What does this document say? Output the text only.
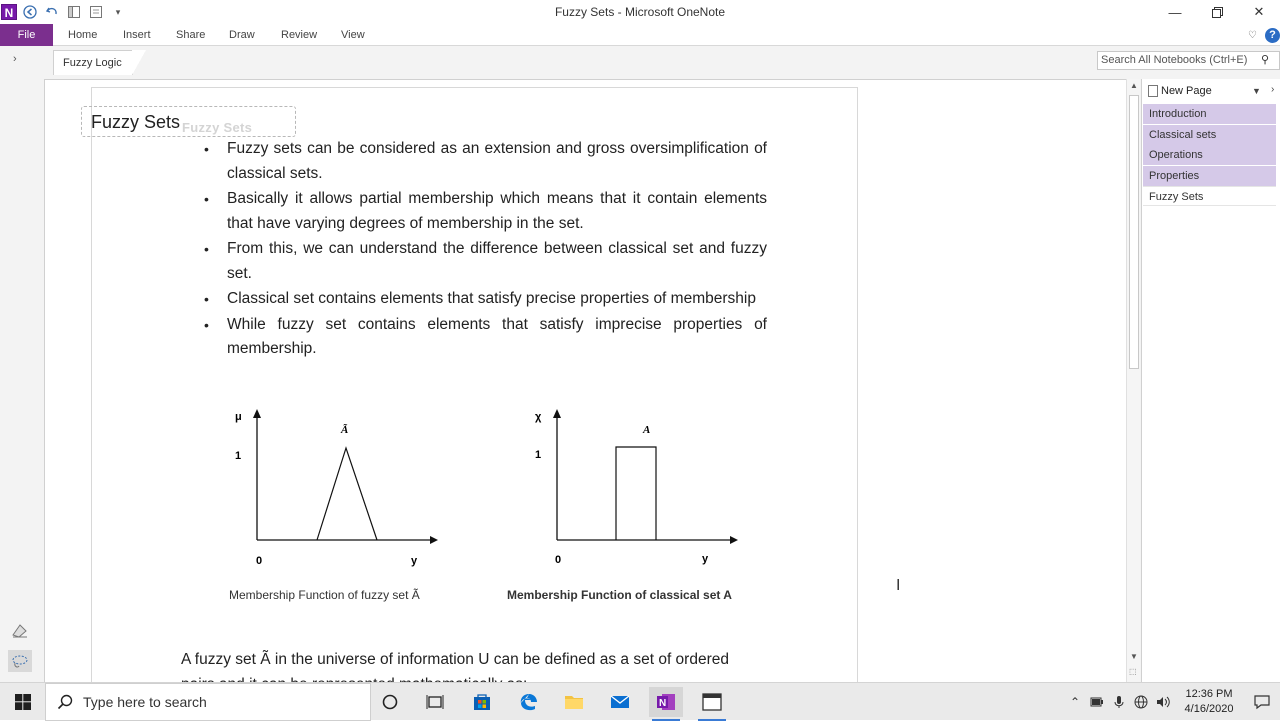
N	▾	Fuzzy Sets - Microsoft OneNote	—	✕
File	Home Insert Share Draw Review View	♡	?
›	Fuzzy Logic	Search All Notebooks (Ctrl+E) ⚲
Fuzzy Sets Fuzzy Sets
• Fuzzy sets can be considered as an extension and gross oversimplification of classical sets.
• Basically it allows partial membership which means that it contain elements that have varying degrees of membership in the set.
• From this, we can understand the difference between classical set and fuzzy set.
• Classical set contains elements that satisfy precise properties of membership
• While fuzzy set contains elements that satisfy imprecise properties of membership.
μ
1
0	y
Ã
χ
1
0	y
A
Membership Function of fuzzy set Ã	Membership Function of classical set A
A fuzzy set Ã in the universe of information U can be defined as a set of ordered
I
▲
▼
⬚
New Page	▼ ›
Introduction
Classical sets
Operations
Properties
Fuzzy Sets
Type here to search	N	⌃
12:36 PM
4/16/2020
